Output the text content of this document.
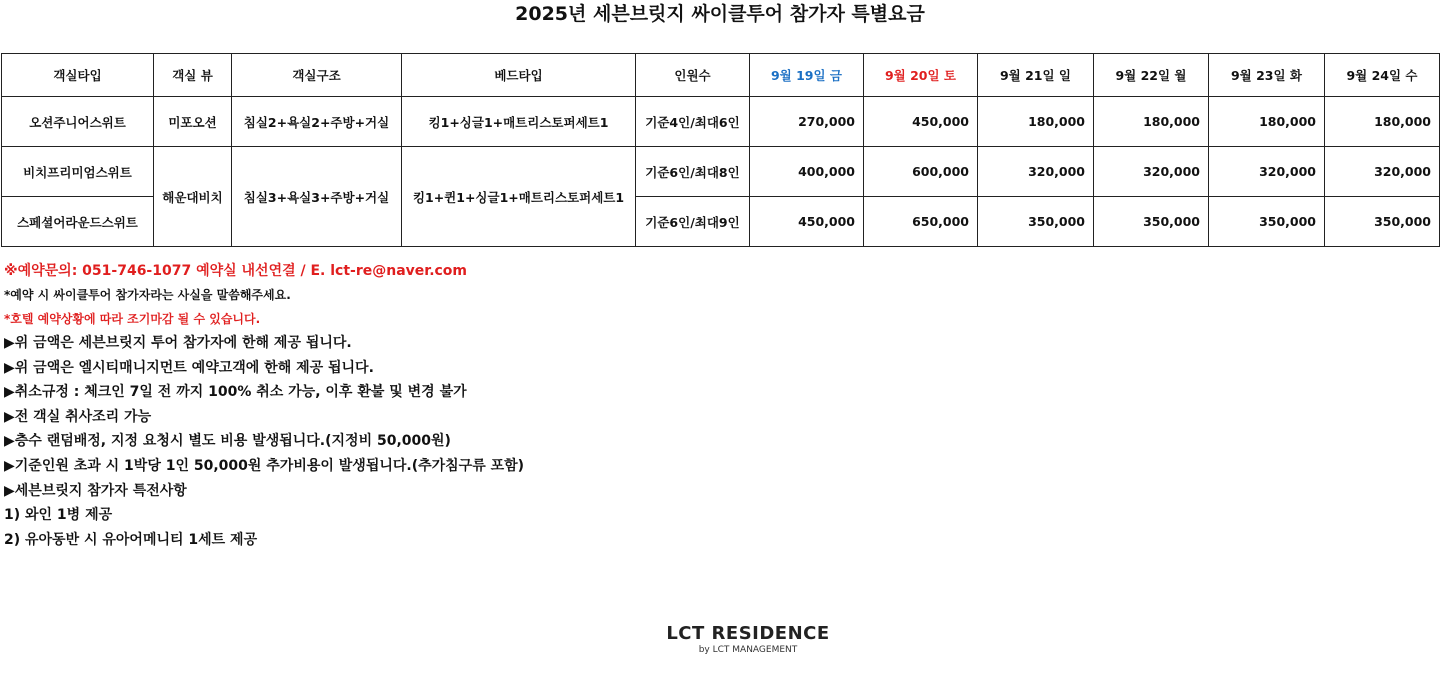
2025년 세븐브릿지 싸이클투어 참가자 특별요금
객실타입	객실 뷰	객실구조	베드타입	인원수	9월 19일 금	9월 20일 토	9월 21일 일	9월 22일 월	9월 23일 화	9월 24일 수
오션주니어스위트	미포오션	침실2+욕실2+주방+거실	킹1+싱글1+매트리스토퍼세트1	기준4인/최대6인	270,000	450,000	180,000	180,000	180,000	180,000
비치프리미엄스위트	해운대비치	침실3+욕실3+주방+거실	킹1+퀸1+싱글1+매트리스토퍼세트1	기준6인/최대8인	400,000	600,000	320,000	320,000	320,000	320,000
스페셜어라운드스위트				기준6인/최대9인	450,000	650,000	350,000	350,000	350,000	350,000
※예약문의: 051-746-1077 예약실 내선연결 / E. lct-re@naver.com
*예약 시 싸이클투어 참가자라는 사실을 말씀해주세요.
*호텔 예약상황에 따라 조기마감 될 수 있습니다.
▶위 금액은 세븐브릿지 투어 참가자에 한해 제공 됩니다.
▶위 금액은 엘시티매니지먼트 예약고객에 한해 제공 됩니다.
▶취소규정 : 체크인 7일 전 까지 100% 취소 가능, 이후 환불 및 변경 불가
▶전 객실 취사조리 가능
▶층수 랜덤배정, 지정 요청시 별도 비용 발생됩니다.(지정비 50,000원)
▶기준인원 초과 시 1박당 1인 50,000원 추가비용이 발생됩니다.(추가침구류 포함)
▶세븐브릿지 참가자 특전사항
1) 와인 1병 제공
2) 유아동반 시 유아어메니티 1세트 제공
LCT RESIDENCE
by LCT MANAGEMENT
